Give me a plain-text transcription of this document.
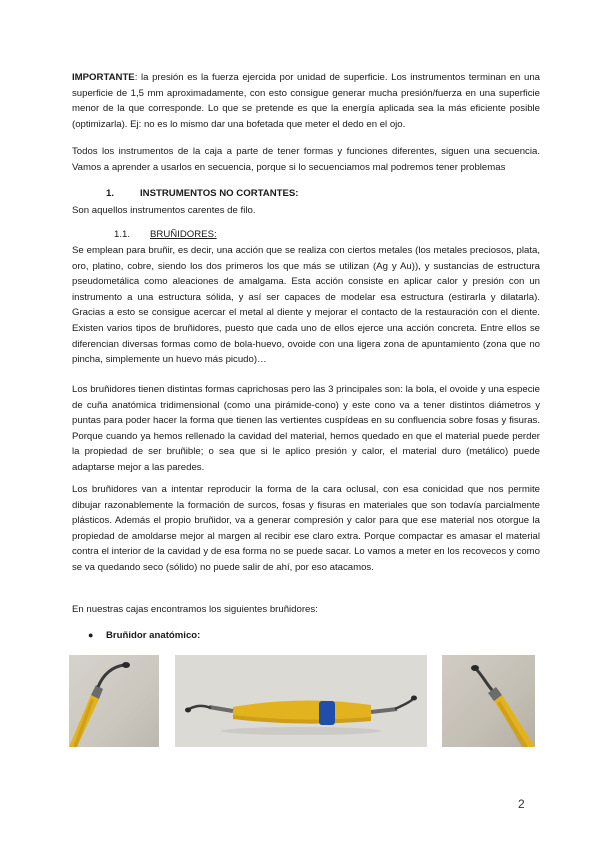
IMPORTANTE: la presión es la fuerza ejercida por unidad de superficie. Los instrumentos terminan en una superficie de 1,5 mm aproximadamente, con esto consigue generar mucha presión/fuerza en una superficie menor de la que corresponde. Lo que se pretende es que la energía aplicada sea la más eficiente posible (optimizarla). Ej: no es lo mismo dar una bofetada que meter el dedo en el ojo.

Todos los instrumentos de la caja a parte de tener formas y funciones diferentes, siguen una secuencia. Vamos a aprender a usarlos en secuencia, porque si lo secuenciamos mal podremos tener problemas

1.	INSTRUMENTOS NO CORTANTES:

Son aquellos instrumentos carentes de filo.

1.1. BRUÑIDORES:

Se emplean para bruñir, es decir, una acción que se realiza con ciertos metales (los metales preciosos, plata, oro, platino, cobre, siendo los dos primeros los que más se utilizan (Ag y Au)), y sustancias de estructura pseudometálica como aleaciones de amalgama. Esta acción consiste en aplicar calor y presión con un instrumento a una estructura sólida, y así ser capaces de modelar esa estructura (estirarla y dilatarla). Gracias a esto se consigue acercar el metal al diente y mejorar el contacto de la restauración con el diente. Existen varios tipos de bruñidores, puesto que cada uno de ellos ejerce una acción concreta. Entre ellos se diferencian diversas formas como de bola-huevo, ovoide con una ligera zona de apuntamiento (zona que no pincha, simplemente un huevo más picudo)…

Los bruñidores tienen distintas formas caprichosas pero las 3 principales son: la bola, el ovoide y una especie de cuña anatómica tridimensional (como una pirámide-cono) y este cono va a tener distintos diámetros y puntas para poder hacer la forma que tienen las vertientes cuspídeas en su confluencia sobre fosas y fisuras. Porque cuando ya hemos rellenado la cavidad del material, hemos quedado en que el material puede perder la propiedad de ser bruñible; o sea que si le aplico presión y calor, el material duro (metálico) puede adaptarse mejor a las paredes.

Los bruñidores van a intentar reproducir la forma de la cara oclusal, con esa conicidad que nos permite dibujar razonablemente la formación de surcos, fosas y fisuras en materiales que son todavía parcialmente plásticos. Además el propio bruñidor, va a generar compresión y calor para que ese material nos otorgue la propiedad de amoldarse mejor al margen al recibir ese claro extra. Porque compactar es amasar el material contra el interior de la cavidad y de esa forma no se puede sacar. Lo vamos a meter en los recovecos y como se va quedando seco (sólido) no puede salir de ahí, por eso atacamos.

En nuestras cajas encontramos los siguientes bruñidores:

● Bruñidor anatómico:
2
